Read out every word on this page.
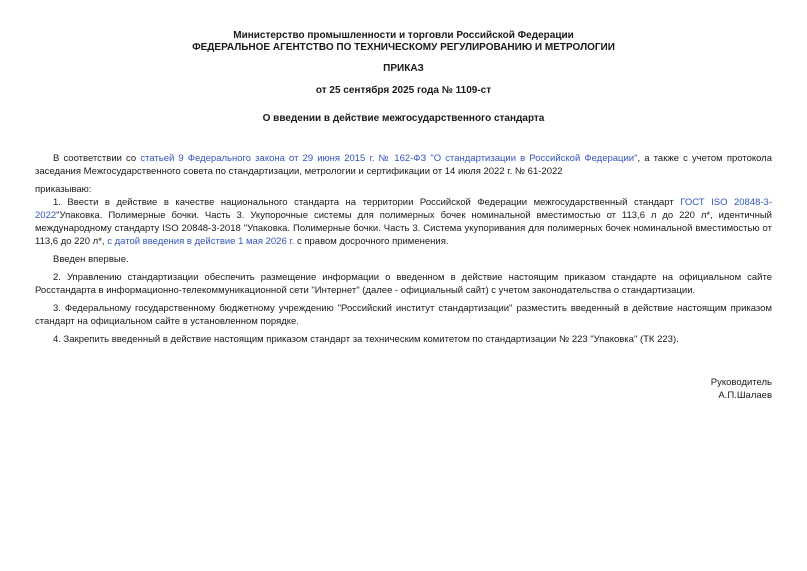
Министерство промышленности и торговли Российской Федерации
ФЕДЕРАЛЬНОЕ АГЕНТСТВО ПО ТЕХНИЧЕСКОМУ РЕГУЛИРОВАНИЮ И МЕТРОЛОГИИ
ПРИКАЗ
от 25 сентября 2025 года № 1109-ст
О введении в действие межгосударственного стандарта

В соответствии со статьей 9 Федерального закона от 29 июня 2015 г. № 162-ФЗ "О стандартизации в Российской Федерации", а также с учетом протокола заседания Межгосударственного совета по стандартизации, метрологии и сертификации от 14 июля 2022 г. № 61-2022

приказываю:

1. Ввести в действие в качестве национального стандарта на территории Российской Федерации межгосударственный стандарт ГОСТ ISO 20848-3-2022"Упаковка. Полимерные бочки. Часть 3. Укупорочные системы для полимерных бочек номинальной вместимостью от 113,6 л до 220 л*, идентичный международному стандарту ISO 20848-3-2018 "Упаковка. Полимерные бочки. Часть 3. Система укупоривания для полимерных бочек номинальной вместимостью от 113,6 до 220 л*, с датой введения в действие 1 мая 2026 г. с правом досрочного применения.

Введен впервые.

2. Управлению стандартизации обеспечить размещение информации о введенном в действие настоящим приказом стандарте на официальном сайте Росстандарта в информационно-телекоммуникационной сети "Интернет" (далее - официальный сайт) с учетом законодательства о стандартизации.

3. Федеральному государственному бюджетному учреждению "Российский институт стандартизации" разместить введенный в действие настоящим приказом стандарт на официальном сайте в установленном порядке.

4. Закрепить введенный в действие настоящим приказом стандарт за техническим комитетом по стандартизации № 223 "Упаковка" (ТК 223).

Руководитель
А.П.Шалаев
